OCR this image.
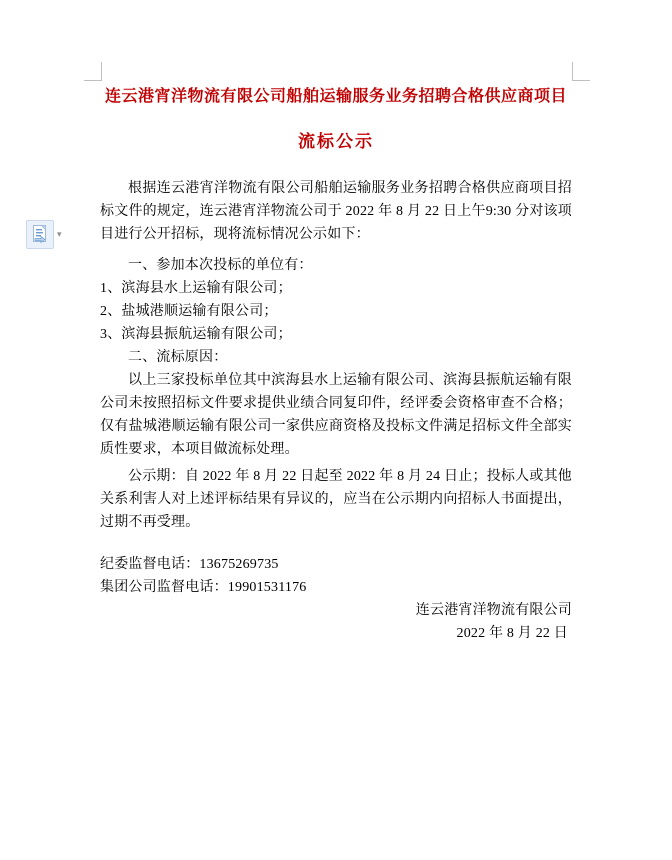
▾
连云港宵洋物流有限公司船舶运输服务业务招聘合格供应商项目
流标公示

根据连云港宵洋物流有限公司船舶运输服务业务招聘合格供应商项目招标文件的规定，连云港宵洋物流公司于 2022 年 8 月 22 日上午9:30 分对该项目进行公开招标，现将流标情况公示如下：

一、参加本次投标的单位有：

1、滨海县水上运输有限公司；

2、盐城港顺运输有限公司；

3、滨海县振航运输有限公司；

二、流标原因：

以上三家投标单位其中滨海县水上运输有限公司、滨海县振航运输有限公司未按照招标文件要求提供业绩合同复印件，经评委会资格审查不合格；仅有盐城港顺运输有限公司一家供应商资格及投标文件满足招标文件全部实质性要求，本项目做流标处理。

公示期：自 2022 年 8 月 22 日起至 2022 年 8 月 24 日止；投标人或其他关系利害人对上述评标结果有异议的，应当在公示期内向招标人书面提出，过期不再受理。

纪委监督电话：13675269735

集团公司监督电话：19901531176

连云港宵洋物流有限公司

2022 年 8 月 22 日
